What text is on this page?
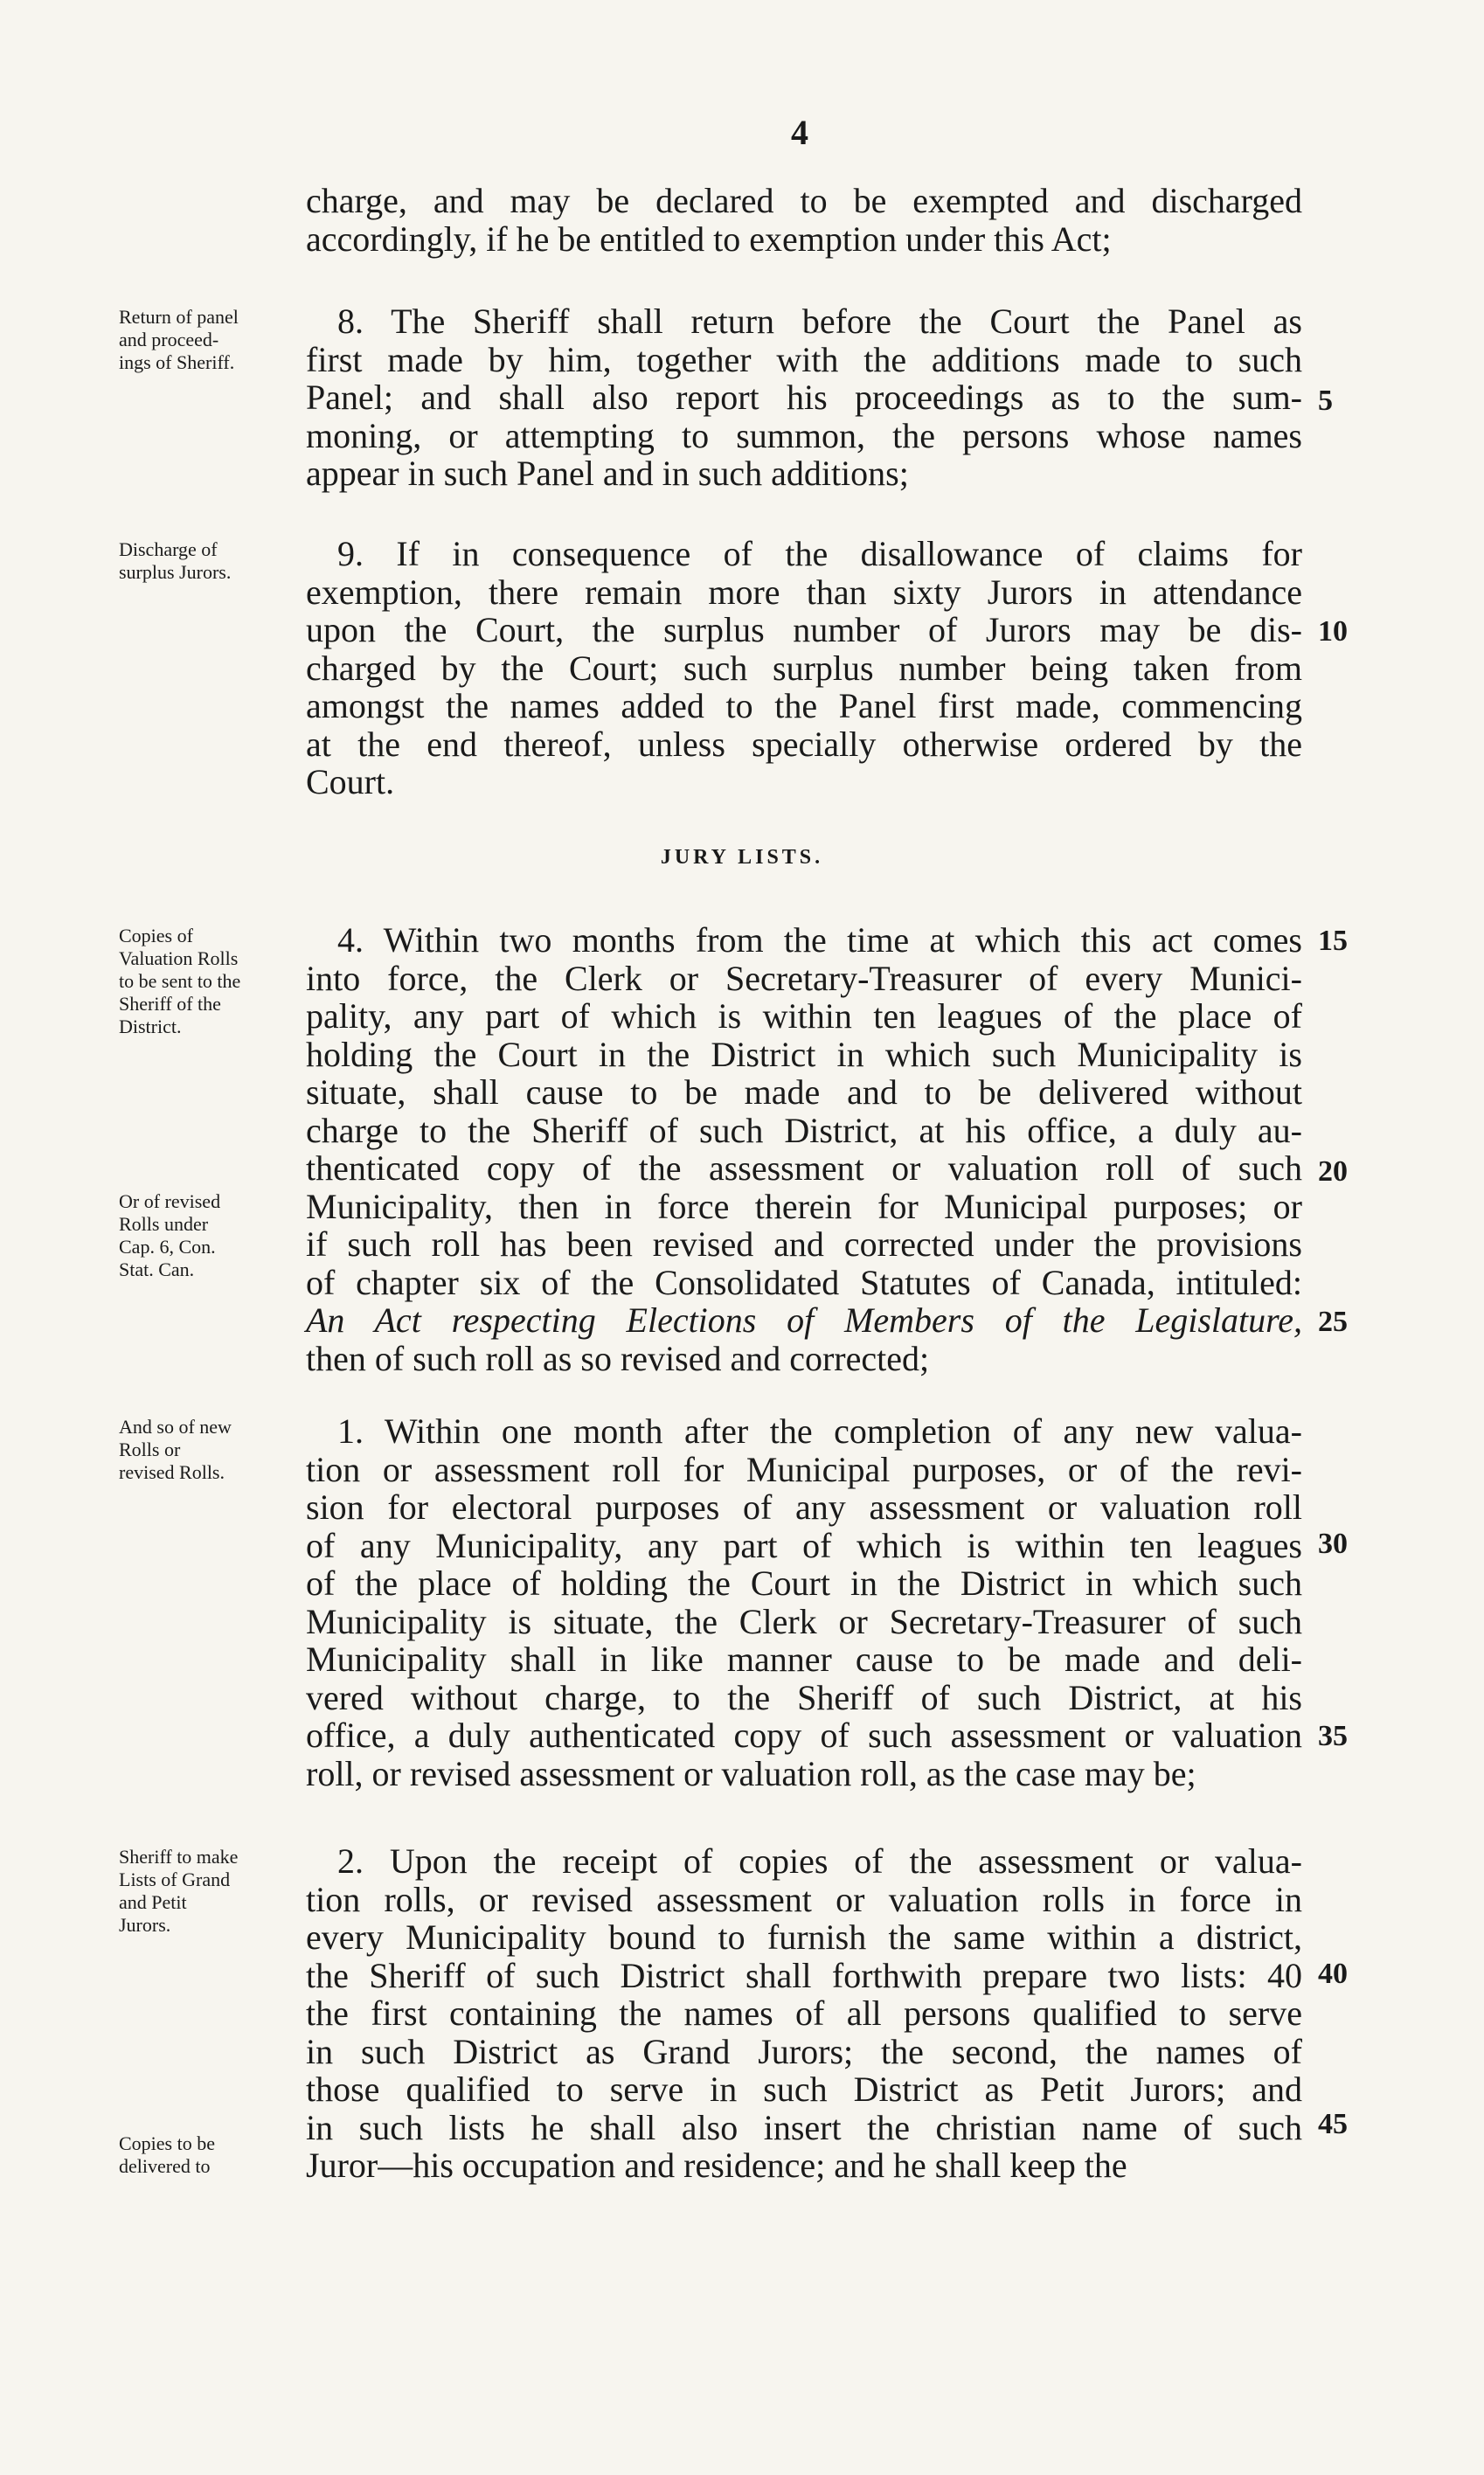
4
JURY LISTS.
charge, and may be declared to be exempted and discharged
accordingly, if he be entitled to exemption under this Act;
8. The Sheriff shall return before the Court the Panel as
first made by him, together with the additions made to such
Panel; and shall also report his proceedings as to the sum-
moning, or attempting to summon, the persons whose names
appear in such Panel and in such additions;
9. If in consequence of the disallowance of claims for
exemption, there remain more than sixty Jurors in attendance
upon the Court, the surplus number of Jurors may be dis-
charged by the Court; such surplus number being taken from
amongst the names added to the Panel first made, commencing
at the end thereof, unless specially otherwise ordered by the
Court.
4. Within two months from the time at which this act comes
into force, the Clerk or Secretary-Treasurer of every Munici-
pality, any part of which is within ten leagues of the place of
holding the Court in the District in which such Municipality is
situate, shall cause to be made and to be delivered without
charge to the Sheriff of such District, at his office, a duly au-
thenticated copy of the assessment or valuation roll of such
Municipality, then in force therein for Municipal purposes; or
if such roll has been revised and corrected under the provisions
of chapter six of the Consolidated Statutes of Canada, intituled:
An Act respecting Elections of Members of the Legislature,
then of such roll as so revised and corrected;
1. Within one month after the completion of any new valua-
tion or assessment roll for Municipal purposes, or of the revi-
sion for electoral purposes of any assessment or valuation roll
of any Municipality, any part of which is within ten leagues
of the place of holding the Court in the District in which such
Municipality is situate, the Clerk or Secretary-Treasurer of such
Municipality shall in like manner cause to be made and deli-
vered without charge, to the Sheriff of such District, at his
office, a duly authenticated copy of such assessment or valuation
roll, or revised assessment or valuation roll, as the case may be;
2. Upon the receipt of copies of the assessment or valua-
tion rolls, or revised assessment or valuation rolls in force in
every Municipality bound to furnish the same within a district,
the Sheriff of such District shall forthwith prepare two lists: 40
the first containing the names of all persons qualified to serve
in such District as Grand Jurors; the second, the names of
those qualified to serve in such District as Petit Jurors; and
in such lists he shall also insert the christian name of such
Juror—his occupation and residence; and he shall keep the
Return of panel
and proceed-
ings of Sheriff.
Discharge of
surplus Jurors.
Copies of
Valuation Rolls
to be sent to the
Sheriff of the
District.
Or of revised
Rolls under
Cap. 6, Con.
Stat. Can.
And so of new
Rolls or
revised Rolls.
Sheriff to make
Lists of Grand
and Petit
Jurors.
Copies to be
delivered to
5
10
15
20
25
30
35
40
45
